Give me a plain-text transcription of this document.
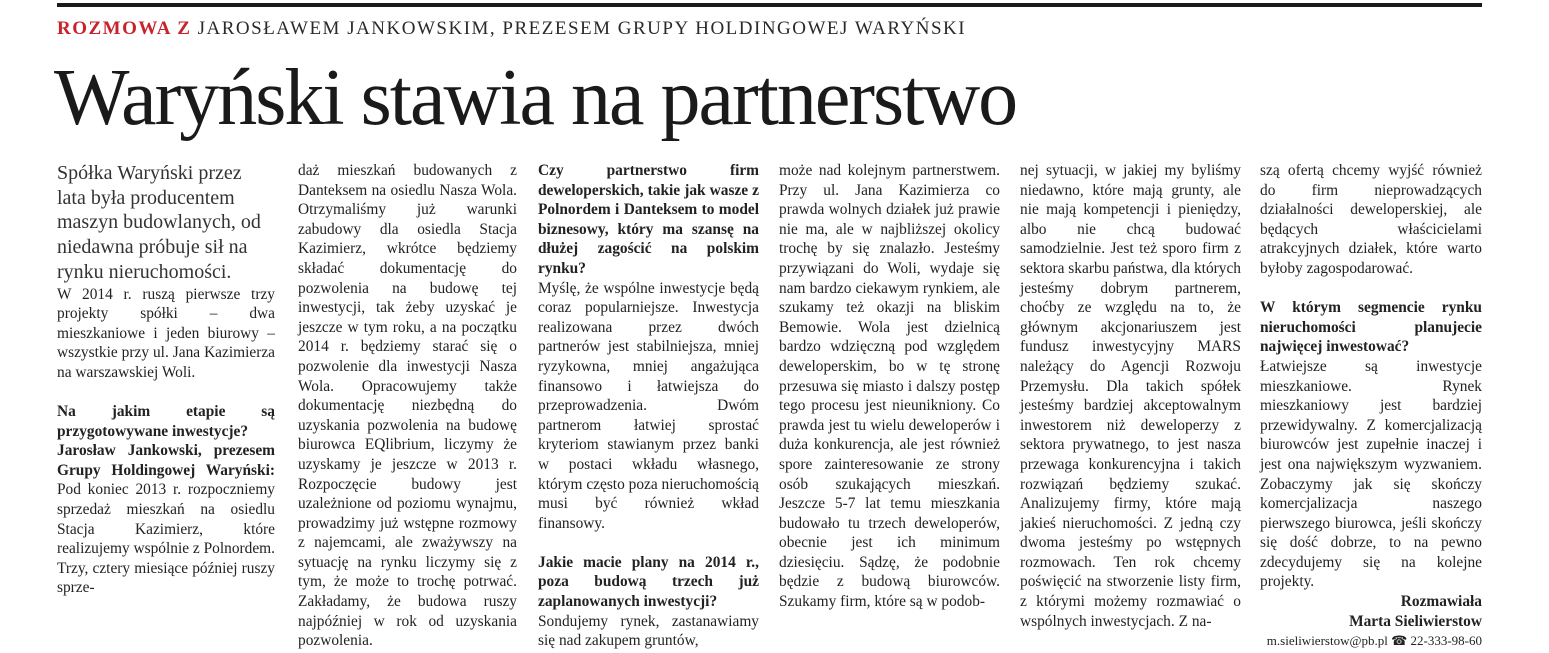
ROZMOWA Z JAROSŁAWEM JANKOWSKIM, PREZESEM GRUPY HOLDINGOWEJ WARYŃSKI
Waryński stawia na partnerstwo

Spółka Waryński przez lata była producentem maszyn budowlanych, od niedawna próbuje sił na rynku nieruchomości.

W 2014 r. ruszą pierwsze trzy projekty spółki – dwa mieszkaniowe i jeden biurowy – wszystkie przy ul. Jana Kazimierza na warszawskiej Woli.

Na jakim etapie są przygotowywane inwestycje?

Jarosław Jankowski, prezesem Grupy Holdingowej Waryński: Pod koniec 2013 r. rozpoczniemy sprzedaż mieszkań na osiedlu Stacja Kazimierz, które realizujemy wspólnie z Polnordem. Trzy, cztery miesiące później ruszy sprze-

daż mieszkań budowanych z Danteksem na osiedlu Nasza Wola. Otrzymaliśmy już warunki zabudowy dla osiedla Stacja Kazimierz, wkrótce będziemy składać dokumentację do pozwolenia na budowę tej inwestycji, tak żeby uzyskać je jeszcze w tym roku, a na początku 2014 r. będziemy starać się o pozwolenie dla inwestycji Nasza Wola. Opracowujemy także dokumentację niezbędną do uzyskania pozwolenia na budowę biurowca EQlibrium, liczymy że uzyskamy je jeszcze w 2013 r. Rozpoczęcie budowy jest uzależnione od poziomu wynajmu, prowadzimy już wstępne rozmowy z najemcami, ale zważywszy na sytuację na rynku liczymy się z tym, że może to trochę potrwać. Zakładamy, że budowa ruszy najpóźniej w rok od uzyskania pozwolenia.

Czy partnerstwo firm deweloperskich, takie jak wasze z Polnordem i Danteksem to model biznesowy, który ma szansę na dłużej zagościć na polskim rynku?

Myślę, że wspólne inwestycje będą coraz popularniejsze. Inwestycja realizowana przez dwóch partnerów jest stabilniejsza, mniej ryzykowna, mniej angażująca finansowo i łatwiejsza do przeprowadzenia. Dwóm partnerom łatwiej sprostać kryteriom stawianym przez banki w postaci wkładu własnego, którym często poza nieruchomością musi być również wkład finansowy.

Jakie macie plany na 2014 r., poza budową trzech już zaplanowanych inwestycji?

Sondujemy rynek, zastanawiamy się nad zakupem gruntów,

może nad kolejnym partnerstwem. Przy ul. Jana Kazimierza co prawda wolnych działek już prawie nie ma, ale w najbliższej okolicy trochę by się znalazło. Jesteśmy przywiązani do Woli, wydaje się nam bardzo ciekawym rynkiem, ale szukamy też okazji na bliskim Bemowie. Wola jest dzielnicą bardzo wdzięczną pod względem deweloperskim, bo w tę stronę przesuwa się miasto i dalszy postęp tego procesu jest nieunikniony. Co prawda jest tu wielu deweloperów i duża konkurencja, ale jest również spore zainteresowanie ze strony osób szukających mieszkań. Jeszcze 5-7 lat temu mieszkania budowało tu trzech deweloperów, obecnie jest ich minimum dziesięciu. Sądzę, że podobnie będzie z budową biurowców. Szukamy firm, które są w podob-

nej sytuacji, w jakiej my byliśmy niedawno, które mają grunty, ale nie mają kompetencji i pieniędzy, albo nie chcą budować samodzielnie. Jest też sporo firm z sektora skarbu państwa, dla których jesteśmy dobrym partnerem, choćby ze względu na to, że głównym akcjonariuszem jest fundusz inwestycyjny MARS należący do Agencji Rozwoju Przemysłu. Dla takich spółek jesteśmy bardziej akceptowalnym inwestorem niż deweloperzy z sektora prywatnego, to jest nasza przewaga konkurencyjna i takich rozwiązań będziemy szukać. Analizujemy firmy, które mają jakieś nieruchomości. Z jedną czy dwoma jesteśmy po wstępnych rozmowach. Ten rok chcemy poświęcić na stworzenie listy firm, z którymi możemy rozmawiać o wspólnych inwestycjach. Z na-

szą ofertą chcemy wyjść również do firm nieprowadzących działalności deweloperskiej, ale będących właścicielami atrakcyjnych działek, które warto byłoby zagospodarować.

W którym segmencie rynku nieruchomości planujecie najwięcej inwestować?

Łatwiejsze są inwestycje mieszkaniowe. Rynek mieszkaniowy jest bardziej przewidywalny. Z komercjalizacją biurowców jest zupełnie inaczej i jest ona największym wyzwaniem. Zobaczymy jak się skończy komercjalizacja naszego pierwszego biurowca, jeśli skończy się dość dobrze, to na pewno zdecydujemy się na kolejne projekty.

Rozmawiała

Marta Sieliwierstow

m.sieliwierstow@pb.pl ☎ 22-333-98-60
